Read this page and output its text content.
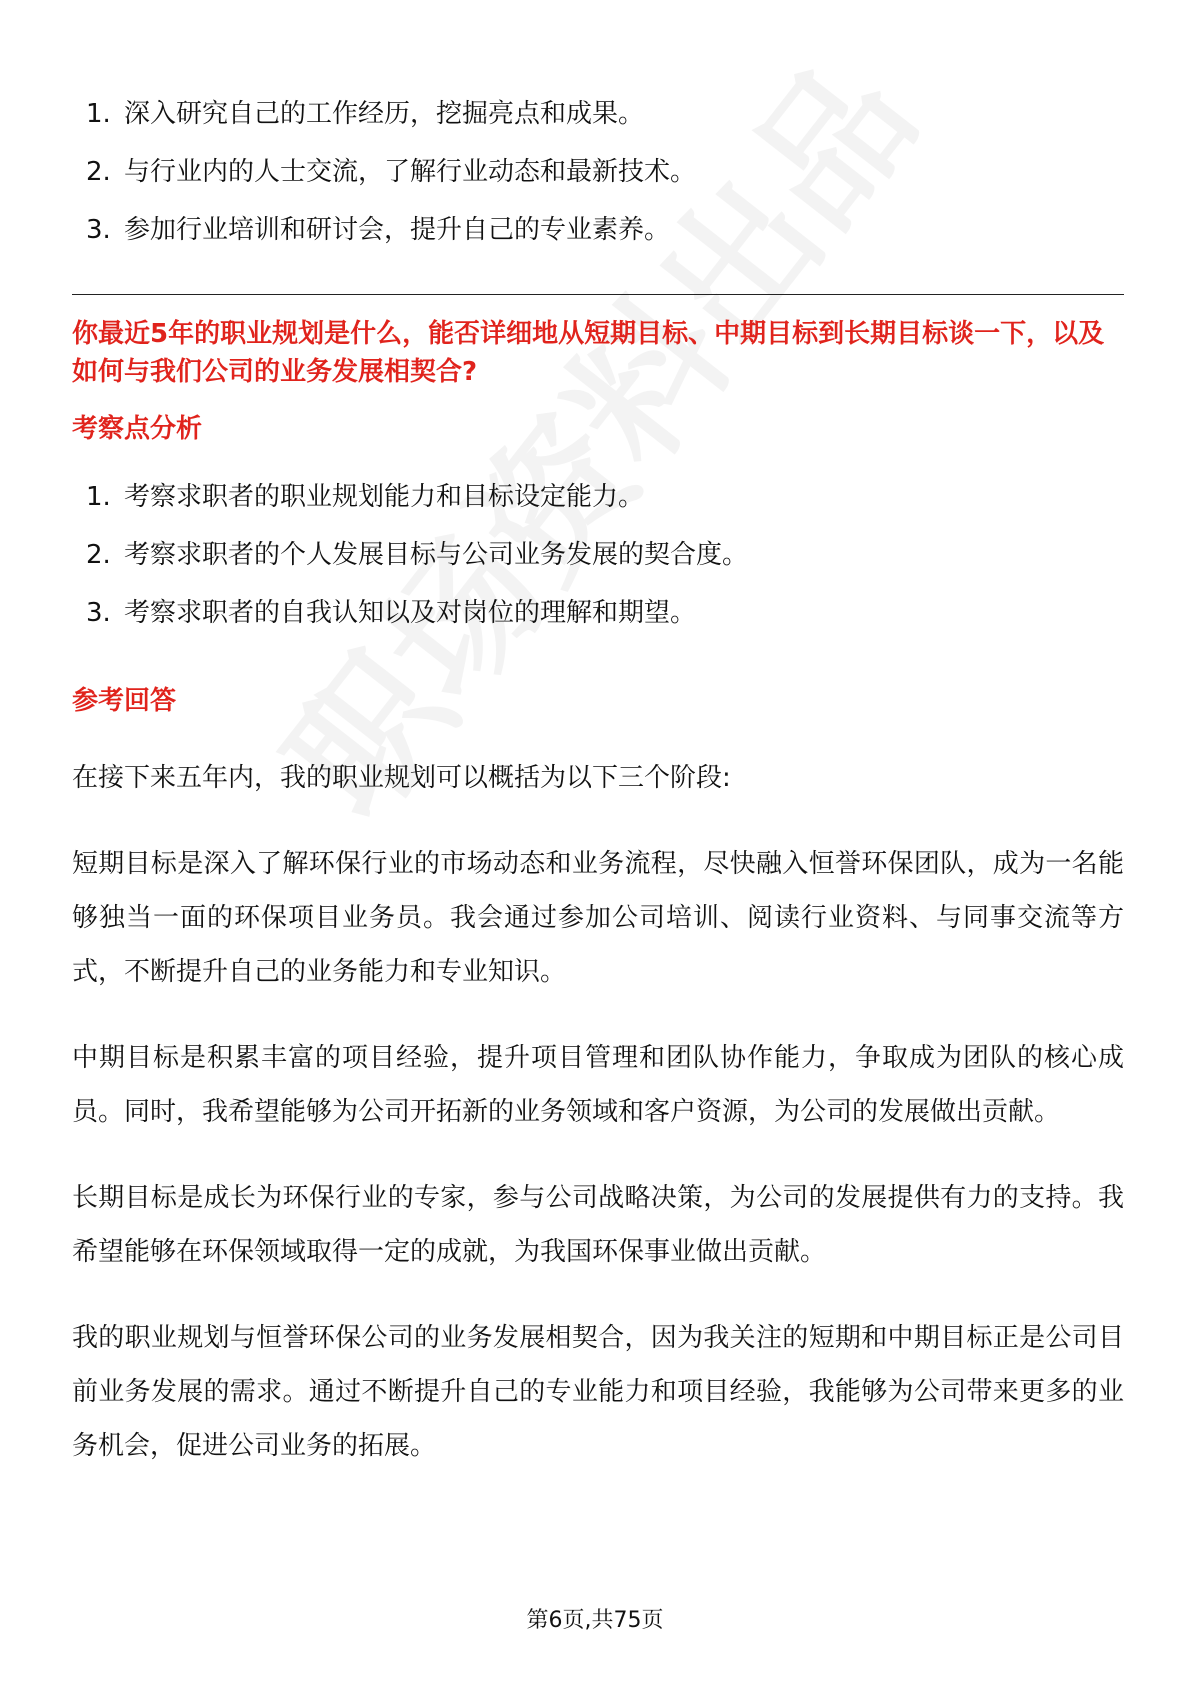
1. 深入研究自己的工作经历，挖掘亮点和成果。
2. 与行业内的人士交流，了解行业动态和最新技术。
3. 参加行业培训和研讨会，提升自己的专业素养。

你最近5年的职业规划是什么，能否详细地从短期目标、中期目标到长期目标谈一下，以及如何与我们公司的业务发展相契合?

考察点分析
1. 考察求职者的职业规划能力和目标设定能力。
2. 考察求职者的个人发展目标与公司业务发展的契合度。
3. 考察求职者的自我认知以及对岗位的理解和期望。
参考回答

在接下来五年内，我的职业规划可以概括为以下三个阶段:

短期目标是深入了解环保行业的市场动态和业务流程，尽快融入恒誉环保团队，成为一名能够独当一面的环保项目业务员。我会通过参加公司培训、阅读行业资料、与同事交流等方式，不断提升自己的业务能力和专业知识。

中期目标是积累丰富的项目经验，提升项目管理和团队协作能力，争取成为团队的核心成员。同时，我希望能够为公司开拓新的业务领域和客户资源，为公司的发展做出贡献。

长期目标是成长为环保行业的专家，参与公司战略决策，为公司的发展提供有力的支持。我希望能够在环保领域取得一定的成就，为我国环保事业做出贡献。

我的职业规划与恒誉环保公司的业务发展相契合，因为我关注的短期和中期目标正是公司目前业务发展的需求。通过不断提升自己的专业能力和项目经验，我能够为公司带来更多的业务机会，促进公司业务的拓展。

第6页,共75页
